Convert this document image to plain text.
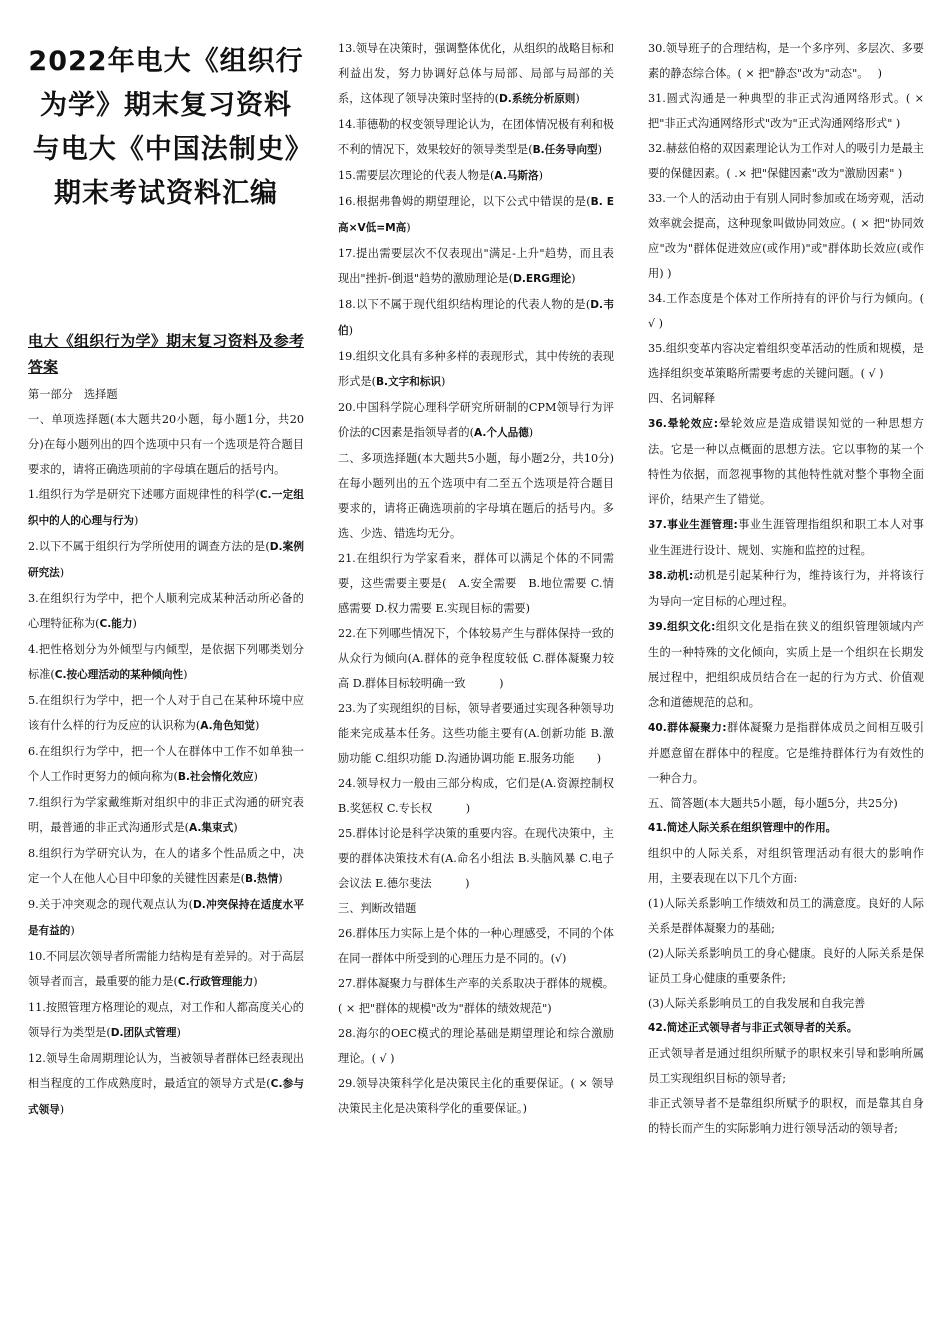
2022年电大《组织行为学》期末复习资料与电大《中国法制史》期末考试资料汇编
电大《组织行为学》期末复习资料及参考答案

第一部分　选择题

一、单项选择题(本大题共20小题，每小题1分，共20分)在每小题列出的四个选项中只有一个选项是符合题目要求的，请将正确选项前的字母填在题后的括号内。

1.组织行为学是研究下述哪方面规律性的科学(C.一定组织中的人的心理与行为)

2.以下不属于组织行为学所使用的调查方法的是(D.案例研究法)

3.在组织行为学中，把个人顺利完成某种活动所必备的心理特征称为(C.能力)

4.把性格划分为外倾型与内倾型，是依据下列哪类划分标准(C.按心理活动的某种倾向性)

5.在组织行为学中，把一个人对于自己在某种环境中应该有什么样的行为反应的认识称为(A.角色知觉)

6.在组织行为学中，把一个人在群体中工作不如单独一个人工作时更努力的倾向称为(B.社会惰化效应)

7.组织行为学家戴维斯对组织中的非正式沟通的研究表明，最普通的非正式沟通形式是(A.集束式)

8.组织行为学研究认为，在人的诸多个性品质之中，决定一个人在他人心目中印象的关键性因素是(B.热情)

9.关于冲突观念的现代观点认为(D.冲突保持在适度水平是有益的)

10.不同层次领导者所需能力结构是有差异的。对于高层领导者而言，最重要的能力是(C.行政管理能力)

11.按照管理方格理论的观点，对工作和人都高度关心的领导行为类型是(D.团队式管理)

12.领导生命周期理论认为，当被领导者群体已经表现出相当程度的工作成熟度时，最适宜的领导方式是(C.参与式领导)

13.领导在决策时，强调整体优化，从组织的战略目标和利益出发，努力协调好总体与局部、局部与局部的关系，这体现了领导决策时坚持的(D.系统分析原则)

14.菲德勒的权变领导理论认为，在团体情况极有利和极不利的情况下，效果较好的领导类型是(B.任务导向型)

15.需要层次理论的代表人物是(A.马斯洛)

16.根据弗鲁姆的期望理论，以下公式中错误的是(B. E高×V低=M高)

17.提出需要层次不仅表现出"满足-上升"趋势，而且表现出"挫折-倒退"趋势的激励理论是(D.ERG理论)

18.以下不属于现代组织结构理论的代表人物的是(D.韦伯)

19.组织文化具有多种多样的表现形式，其中传统的表现形式是(B.文字和标识)

20.中国科学院心理科学研究所研制的CPM领导行为评价法的C因素是指领导者的(A.个人品德)

二、多项选择题(本大题共5小题，每小题2分，共10分)在每小题列出的五个选项中有二至五个选项是符合题目要求的，请将正确选项前的字母填在题后的括号内。多选、少选、错选均无分。

21.在组织行为学家看来，群体可以满足个体的不同需要，这些需要主要是(　A.安全需要　B.地位需要 C.情感需要 D.权力需要 E.实现目标的需要)

22.在下列哪些情况下，个体较易产生与群体保持一致的从众行为倾向(A.群体的竞争程度较低 C.群体凝聚力较高 D.群体目标较明确一致　　　)

23.为了实现组织的目标，领导者要通过实现各种领导功能来完成基本任务。这些功能主要有(A.创新功能 B.激励功能 C.组织功能 D.沟通协调功能 E.服务功能　　)

24.领导权力一般由三部分构成，它们是(A.资源控制权 B.奖惩权 C.专长权　　　)

25.群体讨论是科学决策的重要内容。在现代决策中，主要的群体决策技术有(A.命名小组法 B.头脑风暴 C.电子会议法 E.德尔斐法　　　)

三、判断改错题

26.群体压力实际上是个体的一种心理感受，不同的个体在同一群体中所受到的心理压力是不同的。(√)

27.群体凝聚力与群体生产率的关系取决于群体的规模。( × 把"群体的规模"改为"群体的绩效规范")

28.海尔的OEC模式的理论基础是期望理论和综合激励理论。( √ )

29.领导决策科学化是决策民主化的重要保证。( × 领导决策民主化是决策科学化的重要保证。)

30.领导班子的合理结构，是一个多序列、多层次、多要素的静态综合体。( × 把"静态"改为"动态"。　 )

31.圆式沟通是一种典型的非正式沟通网络形式。( × 把"非正式沟通网络形式"改为"正式沟通网络形式" )

32.赫兹伯格的双因素理论认为工作对人的吸引力是最主要的保健因素。( .× 把"保健因素"改为"激励因素" )

33.一个人的活动由于有别人同时参加或在场旁观，活动效率就会提高，这种现象叫做协同效应。( × 把"协同效应"改为"群体促进效应(或作用)"或"群体助长效应(或作用) )

34.工作态度是个体对工作所持有的评价与行为倾向。( √ )

35.组织变革内容决定着组织变革活动的性质和规模，是选择组织变革策略所需要考虑的关键问题。( √ )

四、名词解释

36.晕轮效应:晕轮效应是造成错误知觉的一种思想方法。它是一种以点概面的思想方法。它以事物的某一个特性为依据，而忽视事物的其他特性就对整个事物全面评价，结果产生了错觉。

37.事业生涯管理:事业生涯管理指组织和职工本人对事业生涯进行设计、规划、实施和监控的过程。

38.动机:动机是引起某种行为，维持该行为，并将该行为导向一定目标的心理过程。

39.组织文化:组织文化是指在狭义的组织管理领域内产生的一种特殊的文化倾向，实质上是一个组织在长期发展过程中，把组织成员结合在一起的行为方式、价值观念和道德规范的总和。

40.群体凝聚力:群体凝聚力是指群体成员之间相互吸引并愿意留在群体中的程度。它是维持群体行为有效性的一种合力。

五、简答题(本大题共5小题，每小题5分，共25分)

41.简述人际关系在组织管理中的作用。

组织中的人际关系，对组织管理活动有很大的影响作用，主要表现在以下几个方面:

(1)人际关系影响工作绩效和员工的满意度。良好的人际关系是群体凝聚力的基础;

(2)人际关系影响员工的身心健康。良好的人际关系是保证员工身心健康的重要条件;

(3)人际关系影响员工的自我发展和自我完善

42.简述正式领导者与非正式领导者的关系。

正式领导者是通过组织所赋予的职权来引导和影响所属员工实现组织目标的领导者;

非正式领导者不是靠组织所赋予的职权，而是靠其自身的特长而产生的实际影响力进行领导活动的领导者;
